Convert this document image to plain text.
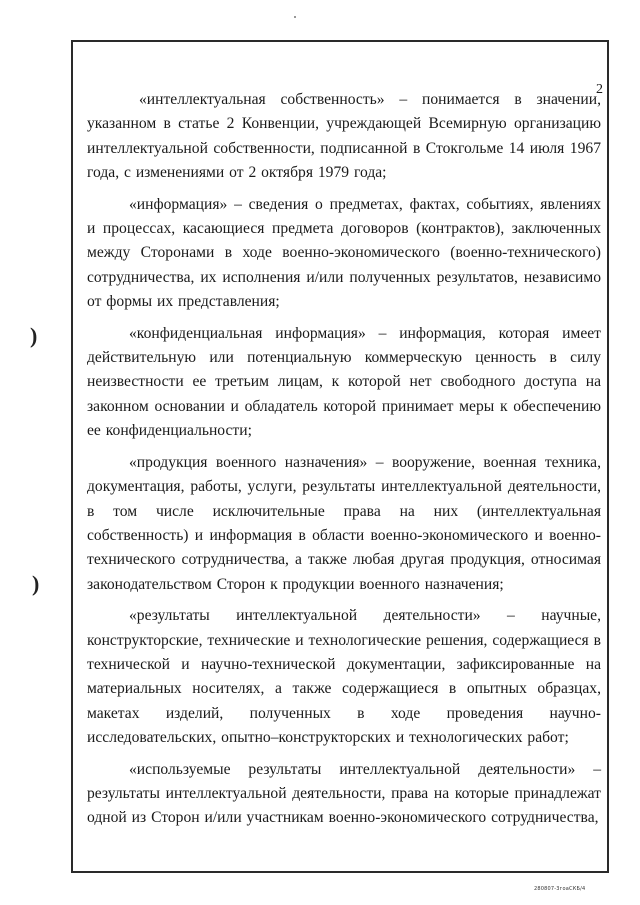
2
)
)

«интеллектуальная собственность» – понимается в значении, указанном в статье 2 Конвенции, учреждающей Всемирную организацию интеллектуальной собственности, подписанной в Стокгольме 14 июля 1967 года, с изменениями от 2 октября 1979 года;

«информация» – сведения о предметах, фактах, событиях, явлениях и процессах, касающиеся предмета договоров (контрактов), заключенных между Сторонами в ходе военно-экономического (военно-технического) сотрудничества, их исполнения и/или полученных результатов, независимо от формы их представления;

«конфиденциальная информация» – информация, которая имеет действительную или потенциальную коммерческую ценность в силу неизвестности ее третьим лицам, к которой нет свободного доступа на законном основании и обладатель которой принимает меры к обеспечению ее конфиденциальности;

«продукция военного назначения» – вооружение, военная техника, документация, работы, услуги, результаты интеллектуальной деятельности, в том числе исключительные права на них (интеллектуальная собственность) и информация в области военно-экономического и военно-технического сотрудничества, а также любая другая продукция, относимая законодательством Сторон к продукции военного назначения;

«результаты интеллектуальной деятельности» – научные, конструкторские, технические и технологические решения, содержащиеся в технической и научно-технической документации, зафиксированные на материальных носителях, а также содержащиеся в опытных образцах, макетах изделий, полученных в ходе проведения научно-исследовательских, опытно–конструкторских и технологических работ;

«используемые результаты интеллектуальной деятельности» – результаты интеллектуальной деятельности, права на которые принадлежат одной из Сторон и/или участникам военно-экономического сотрудничества,

280807-3гоаСКБ/4
